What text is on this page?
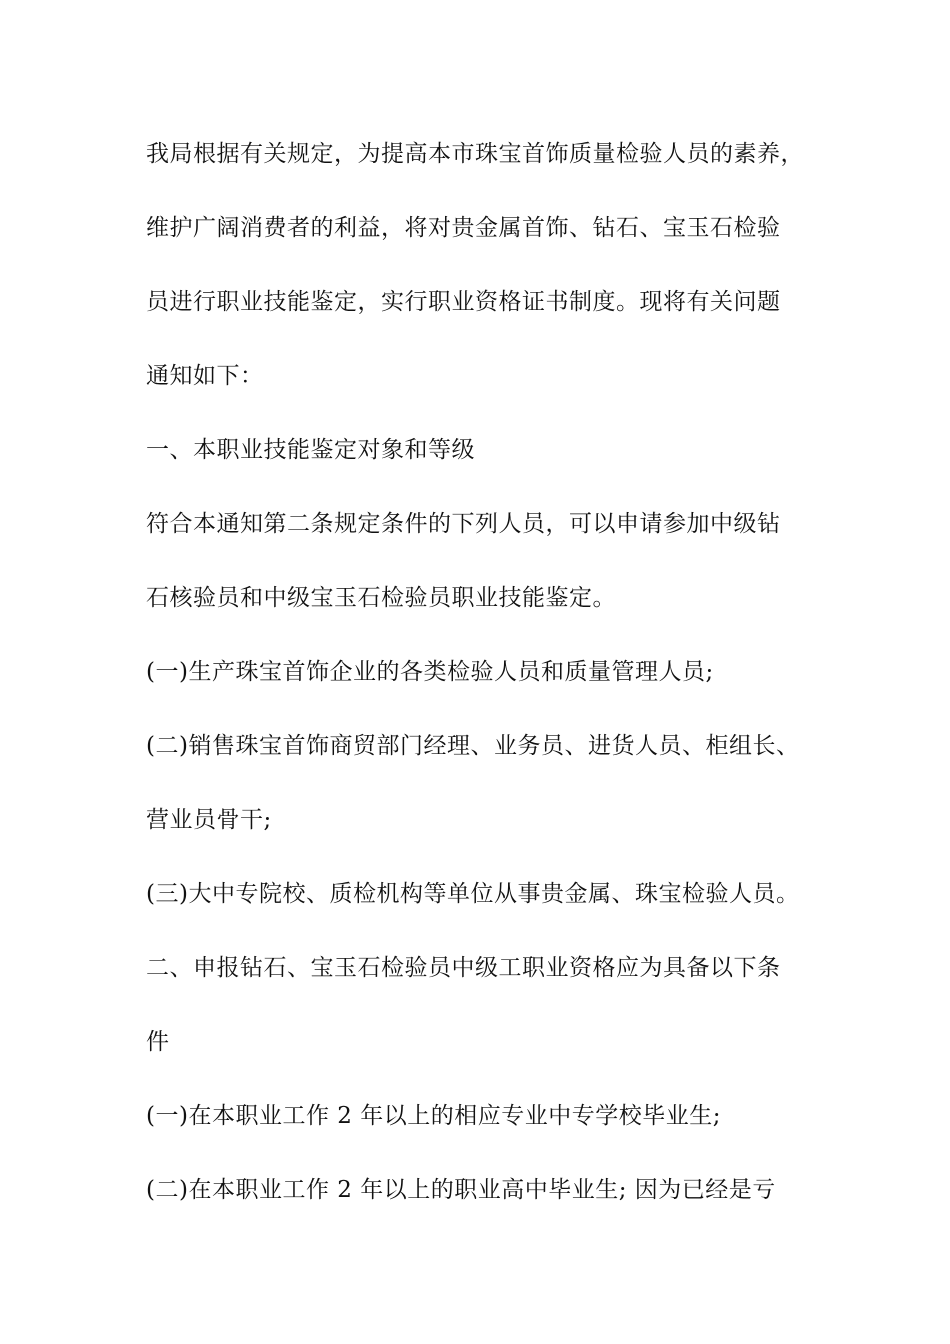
我局根据有关规定，为提高本市珠宝首饰质量检验人员的素养，
维护广阔消费者的利益，将对贵金属首饰、钻石、宝玉石检验
员进行职业技能鉴定，实行职业资格证书制度。现将有关问题
通知如下：
一、本职业技能鉴定对象和等级
符合本通知第二条规定条件的下列人员，可以申请参加中级钻
石核验员和中级宝玉石检验员职业技能鉴定。
(一)生产珠宝首饰企业的各类检验人员和质量管理人员;
(二)销售珠宝首饰商贸部门经理、业务员、进货人员、柜组长、
营业员骨干;
(三)大中专院校、质检机构等单位从事贵金属、珠宝检验人员。
二、申报钻石、宝玉石检验员中级工职业资格应为具备以下条
件
(一)在本职业工作 2 年以上的相应专业中专学校毕业生;
(二)在本职业工作 2 年以上的职业高中毕业生; 因为已经是亏
